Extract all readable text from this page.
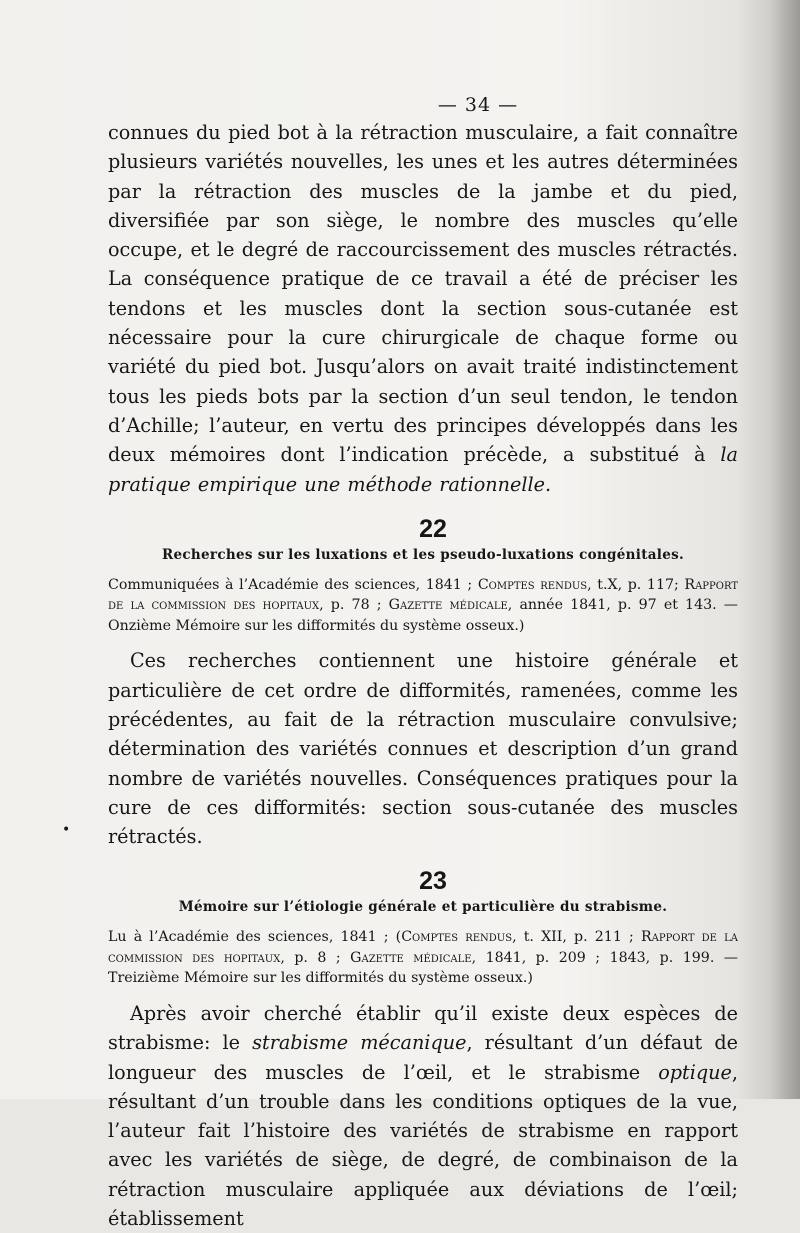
— 34 —

connues du pied bot à la rétraction musculaire, a fait connaître plusieurs variétés nouvelles, les unes et les autres déterminées par la rétraction des muscles de la jambe et du pied, diversifiée par son siège, le nombre des muscles qu’elle occupe, et le degré de raccourcissement des muscles rétractés. La conséquence pratique de ce travail a été de préciser les tendons et les muscles dont la section sous-cutanée est nécessaire pour la cure chirurgicale de chaque forme ou variété du pied bot. Jusqu’alors on avait traité indistinctement tous les pieds bots par la section d’un seul tendon, le tendon d’Achille; l’auteur, en vertu des principes développés dans les deux mémoires dont l’indication précède, a substitué à la pratique empirique une méthode rationnelle.

22
Recherches sur les luxations et les pseudo-luxations congénitales.

Communiquées à l’Académie des sciences, 1841 ; Comptes rendus, t.X, p. 117; Rapport de la commission des hopitaux, p. 78 ; Gazette médicale, année 1841, p. 97 et 143. — Onzième Mémoire sur les difformités du système osseux.)

Ces recherches contiennent une histoire générale et particulière de cet ordre de difformités, ramenées, comme les précédentes, au fait de la rétraction musculaire convulsive; détermination des variétés connues et description d’un grand nombre de variétés nouvelles. Conséquences pratiques pour la cure de ces difformités: section sous-cutanée des muscles rétractés.

23
Mémoire sur l’étiologie générale et particulière du strabisme.

Lu à l’Académie des sciences, 1841 ; (Comptes rendus, t. XII, p. 211 ; Rapport de la commission des hopitaux, p. 8 ; Gazette médicale, 1841, p. 209 ; 1843, p. 199. — Treizième Mémoire sur les difformités du système osseux.)

Après avoir cherché établir qu’il existe deux espèces de strabisme: le strabisme mécanique, résultant d’un défaut de longueur des muscles de l’œil, et le strabisme optique, résultant d’un trouble dans les conditions optiques de la vue, l’auteur fait l’histoire des variétés de strabisme en rapport avec les variétés de siège, de degré, de combinaison de la rétraction musculaire appliquée aux déviations de l’œil; établissement

•
